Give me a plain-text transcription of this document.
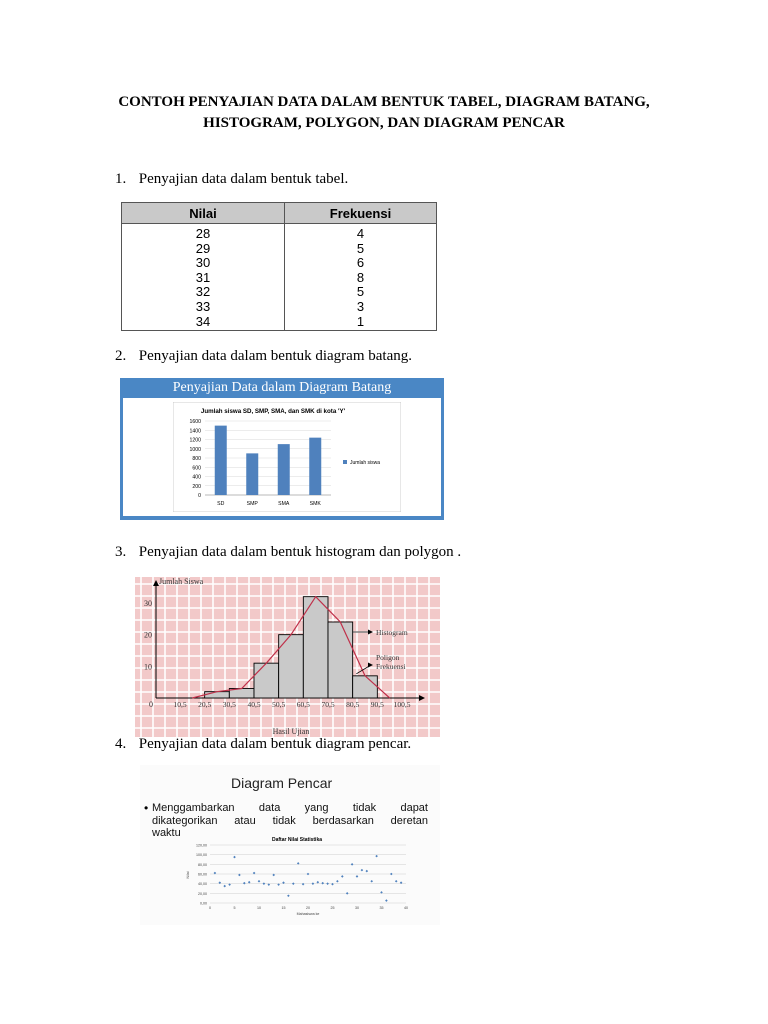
CONTOH PENYAJIAN DATA DALAM BENTUK TABEL, DIAGRAM BATANG,
HISTOGRAM, POLYGON, DAN DIAGRAM PENCAR
1. Penyajian data dalam bentuk tabel.
Nilai	Frekuensi
28	4
29	5
30	6
31	8
32	5
33	3
34	1
2. Penyajian data dalam bentuk diagram batang.
Penyajian Data dalam Diagram Batang
Jumlah siswa SD, SMP, SMA, dan SMK di kota 'Y'
0
200
400
600
800
1000
1200
1400
1600
SD	SMP	SMA	SMK
Jumlah siswa
3. Penyajian data dalam bentuk histogram dan polygon .
Jumlah Siswa
10
20
30
0	10,5 20,5 30,5 40,5 50,5 60,5 70,5 80,5 90,5 100,5
Hasil Ujian
Histogram
Poligon
Frekuensi
4. Penyajian data dalam bentuk diagram pencar.
Diagram Pencar
• Menggambarkan data yang tidak dapat
dikategorikan atau tidak berdasarkan deretan
waktu
Daftar Nilai Statistika
0,00
20,00
40,00
60,00
80,00
100,00
120,00
0	5	10	15	20	25	30	35	40
Nilai
Mahasiswa ke
